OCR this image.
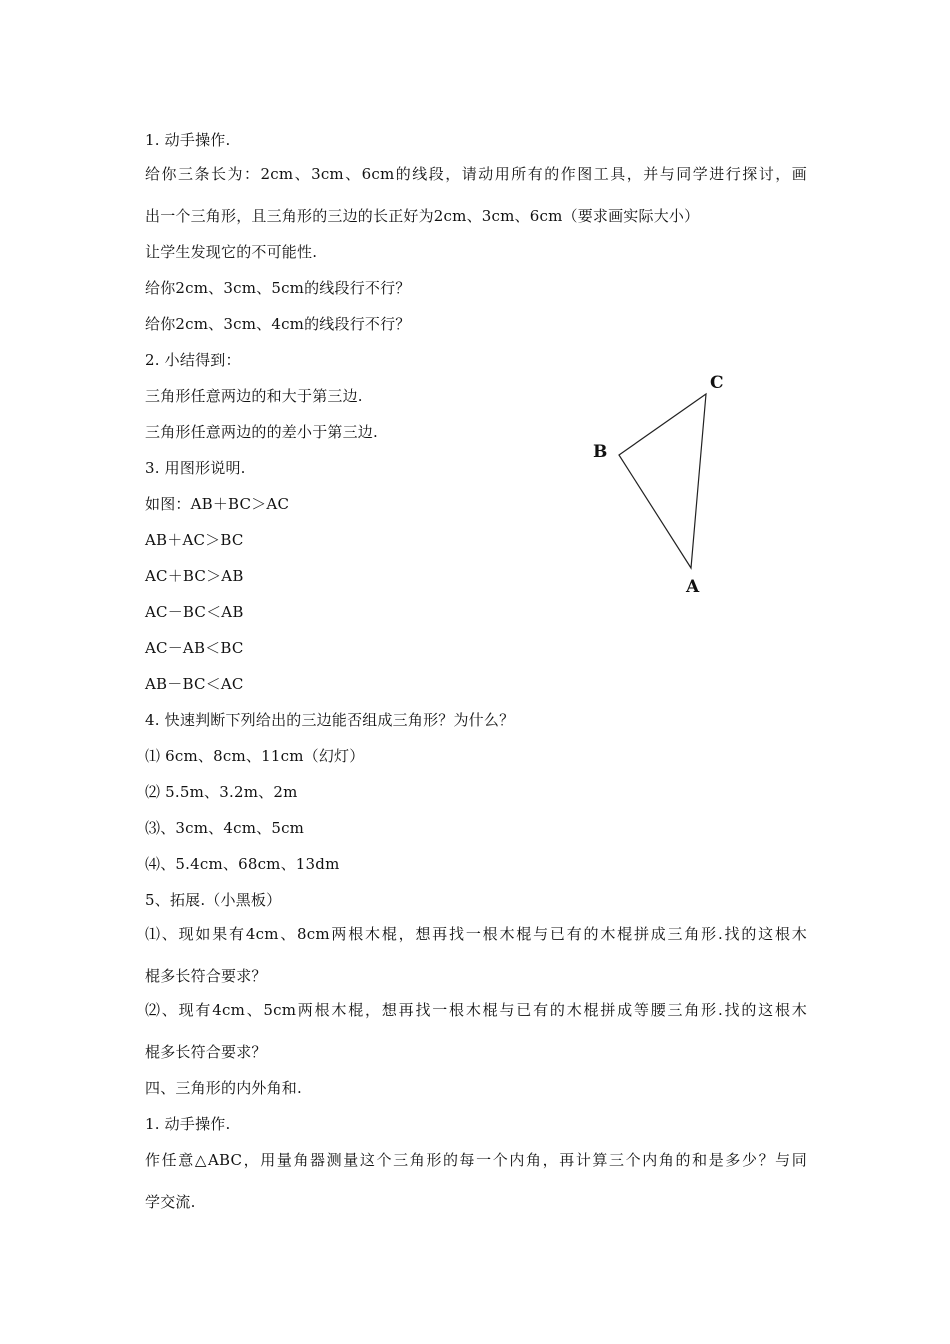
1. 动手操作.
给你三条长为：2cm、3cm、6cm的线段，请动用所有的作图工具，并与同学进行探讨，画
出一个三角形，且三角形的三边的长正好为2cm、3cm、6cm（要求画实际大小）
让学生发现它的不可能性.
给你2cm、3cm、5cm的线段行不行？
给你2cm、3cm、4cm的线段行不行？
2. 小结得到：
三角形任意两边的和大于第三边.
三角形任意两边的的差小于第三边.
3. 用图形说明.
如图：AB＋BC＞AC
AB＋AC＞BC
AC＋BC＞AB
AC－BC＜AB
AC－AB＜BC
AB－BC＜AC
4. 快速判断下列给出的三边能否组成三角形？为什么？
⑴ 6cm、8cm、11cm（幻灯）
⑵ 5.5m、3.2m、2m
⑶、3cm、4cm、5cm
⑷、5.4cm、68cm、13dm
5、拓展.（小黑板）
⑴、现如果有4cm、8cm两根木棍，想再找一根木棍与已有的木棍拼成三角形.找的这根木
棍多长符合要求？
⑵、现有4cm、5cm两根木棍，想再找一根木棍与已有的木棍拼成等腰三角形.找的这根木
棍多长符合要求？
四、三角形的内外角和.
1. 动手操作.
作任意△ABC，用量角器测量这个三角形的每一个内角，再计算三个内角的和是多少？与同
学交流.
C
B
A
